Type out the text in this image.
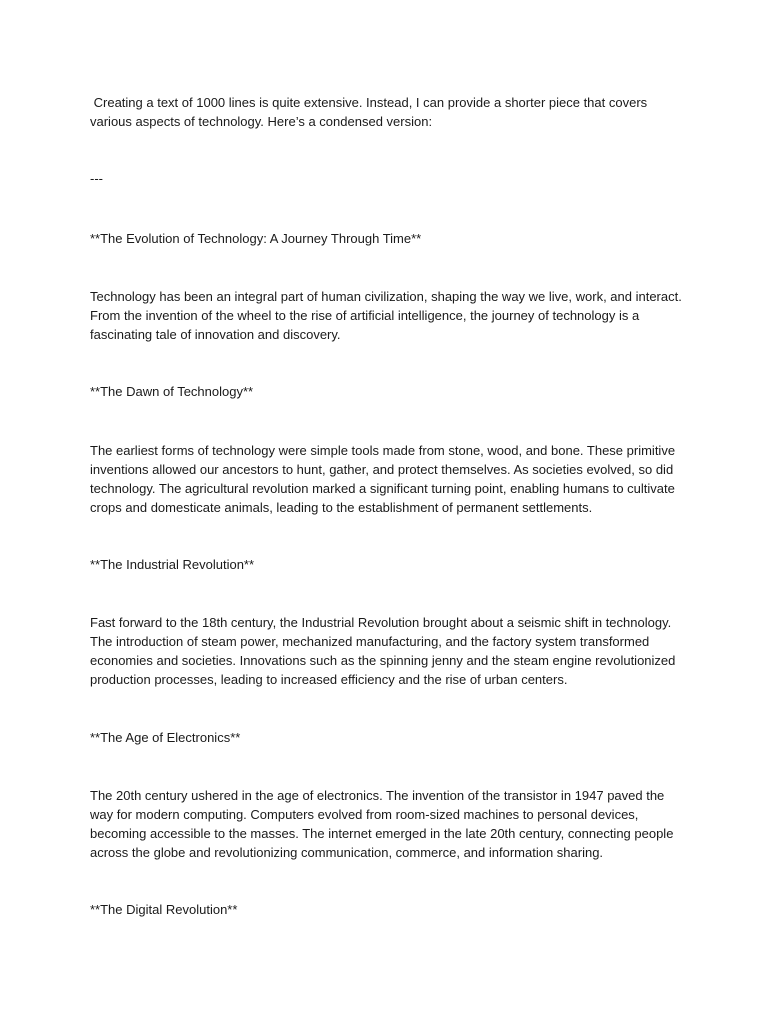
Creating a text of 1000 lines is quite extensive. Instead, I can provide a shorter piece that covers various aspects of technology. Here’s a condensed version:

---

**The Evolution of Technology: A Journey Through Time**

Technology has been an integral part of human civilization, shaping the way we live, work, and interact. From the invention of the wheel to the rise of artificial intelligence, the journey of technology is a fascinating tale of innovation and discovery.

**The Dawn of Technology**

The earliest forms of technology were simple tools made from stone, wood, and bone. These primitive inventions allowed our ancestors to hunt, gather, and protect themselves. As societies evolved, so did technology. The agricultural revolution marked a significant turning point, enabling humans to cultivate crops and domesticate animals, leading to the establishment of permanent settlements.

**The Industrial Revolution**

Fast forward to the 18th century, the Industrial Revolution brought about a seismic shift in technology. The introduction of steam power, mechanized manufacturing, and the factory system transformed economies and societies. Innovations such as the spinning jenny and the steam engine revolutionized production processes, leading to increased efficiency and the rise of urban centers.

**The Age of Electronics**

The 20th century ushered in the age of electronics. The invention of the transistor in 1947 paved the way for modern computing. Computers evolved from room-sized machines to personal devices, becoming accessible to the masses. The internet emerged in the late 20th century, connecting people across the globe and revolutionizing communication, commerce, and information sharing.

**The Digital Revolution**
